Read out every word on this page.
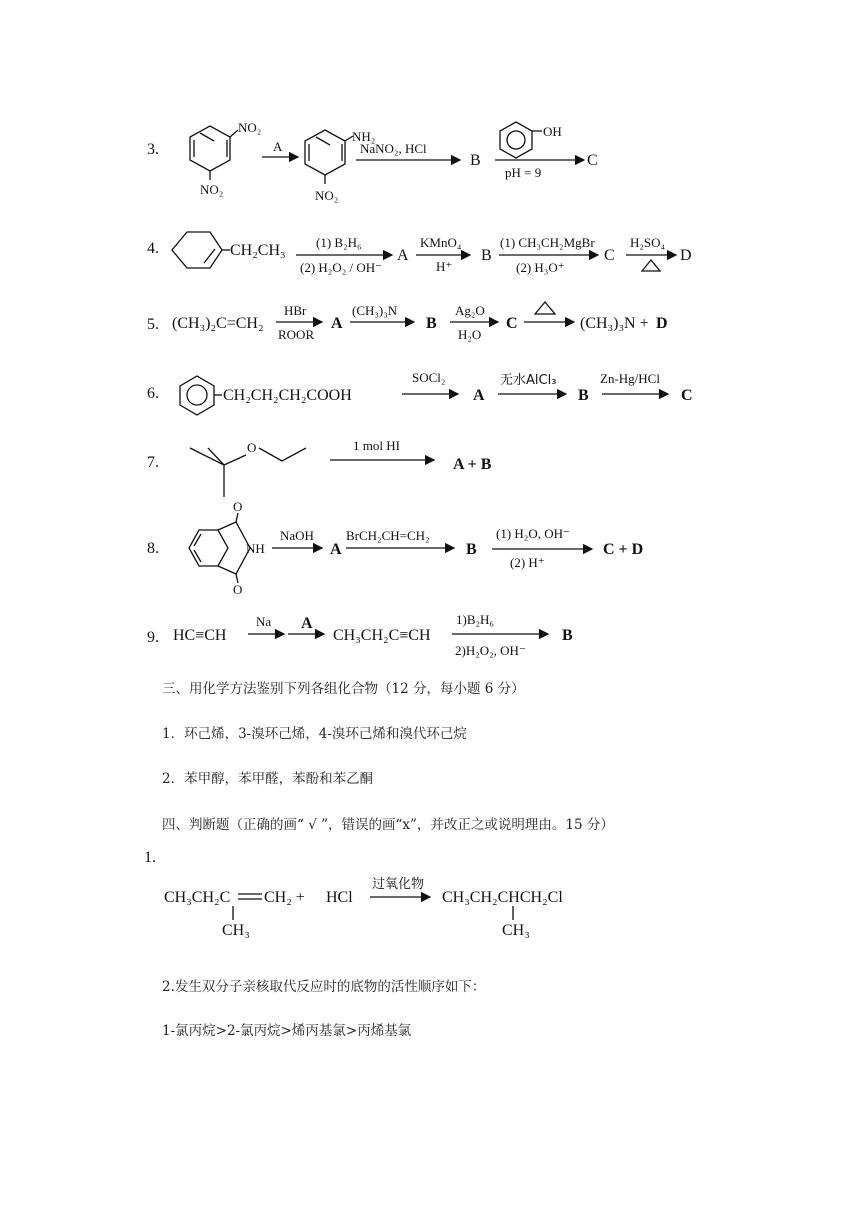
3.
NO₂
NO₂
A
NH₂
NO₂
NaNO₂, HCl
B
OH
pH = 9
C
4.	CH₂CH₃ (1) B₂H₆
(2) H₂O₂ / OH⁻
A
KMnO₄
H⁺
B
(1) CH₃CH₂MgBr
(2) H₃O⁺
C
H₂SO₄
D
5. (CH₃)₂C=CH₂
HBr
ROOR
A
(CH₃)₃N
B
Ag₂O
H₂O
C	(CH₃)₃N + D
6.	CH₂CH₂CH₂COOH
SOCl₂
A
无水AlCl₃
B
Zn-Hg/HCl
C
7.
O	1 mol HI
A + B
8.
O
O
NH
NaOH
A
BrCH₂CH=CH₂
B
(1) H₂O, OH⁻
(2) H⁺
C + D
9. HC≡CH
Na A
CH₃CH₂C≡CH
1)B₂H₆
2)H₂O₂, OH⁻
B
1.
CH₃CH₂C CH₂ +
CH₃
HCl
过氧化物
CH₃CH₂CHCH₂Cl
CH₃
三、用化学方法鉴别下列各组化合物（12 分，每小题 6 分）
1．环己烯，3-溴环己烯，4-溴环己烯和溴代环己烷
2．苯甲醇，苯甲醛，苯酚和苯乙酮
四、判断题（正确的画“ √ ”，错误的画“x”，并改正之或说明理由。15 分）
2.发生双分子亲核取代反应时的底物的活性顺序如下：
1-氯丙烷>2-氯丙烷>烯丙基氯>丙烯基氯
